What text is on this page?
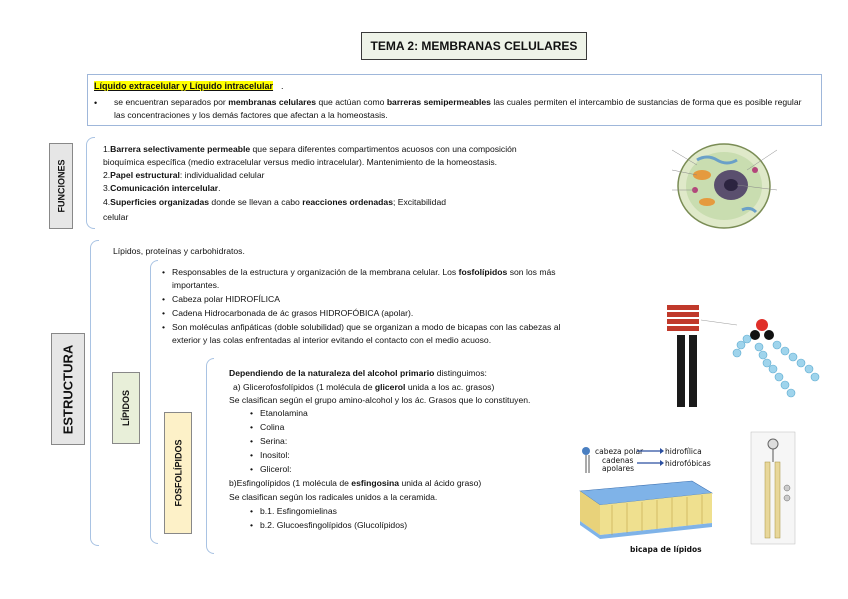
TEMA 2: MEMBRANAS CELULARES
Líquido extracelular y Líquido intracelular .
• se encuentran separados por membranas celulares que actúan como barreras semipermeables las cuales permiten el intercambio de sustancias de forma que es posible regular las concentraciones y los demás factores que afectan a la homeostasis.
FUNCIONES
1.Barrera selectivamente permeable que separa diferentes compartimentos acuosos con una composición
bioquímica específica (medio extracelular versus medio intracelular). Mantenimiento de la homeostasis.
2.Papel estructural: individualidad celular
3.Comunicación intercelular.
4.Superficies organizadas donde se llevan a cabo reacciones ordenadas; Excitabilidad
celular
ESTRUCTURA
Lípidos, proteínas y carbohidratos.
LÍPIDOS
• Responsables de la estructura y organización de la membrana celular. Los fosfolípidos son los más
importantes.
• Cabeza polar HIDROFÍLICA
• Cadena Hidrocarbonada de ác grasos HIDROFÓBICA (apolar).
• Son moléculas anfipáticas (doble solubilidad) que se organizan a modo de bicapas con las cabezas al
exterior y las colas enfrentadas al interior evitando el contacto con el medio acuoso.
FOSFOLÍPIDOS
Dependiendo de la naturaleza del alcohol primario distinguimos:
a) Glicerofosfolípidos (1 molécula de glicerol unida a los ac. grasos)
Se clasifican según el grupo amino-alcohol y los ác. Grasos que lo constituyen.
• Etanolamina
• Colina
• Serina:
• Inositol:
• Glicerol:
b)Esfingolípidos (1 molécula de esfingosina unida al ácido graso)
Se clasifican según los radicales unidos a la ceramida.
• b.1. Esfingomielinas
• b.2. Glucoesfingolípidos (Glucolípidos)
cabeza polar
cadenas
apolares
hidrofílica
hidrofóbicas
bicapa de lípidos
